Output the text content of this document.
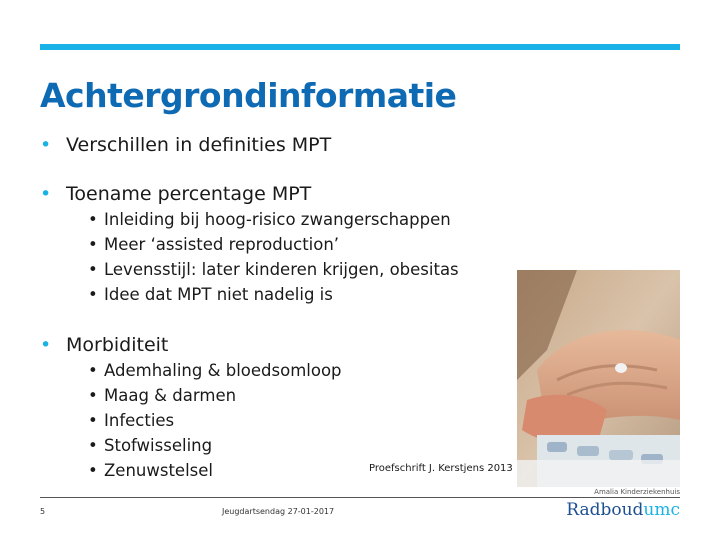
Achtergrondinformatie
• Verschillen in definities MPT
• Toename percentage MPT
• Inleiding bij hoog-risico zwangerschappen
• Meer ‘assisted reproduction’
• Levensstijl: later kinderen krijgen, obesitas
• Idee dat MPT niet nadelig is
• Morbiditeit
• Ademhaling & bloedsomloop
• Maag & darmen
• Infecties
• Stofwisseling
• Zenuwstelsel	Proefschrift J. Kerstjens 2013
Amalia Kinderziekenhuis
5	Jeugdartsendag 27-01-2017	Radboudumc
